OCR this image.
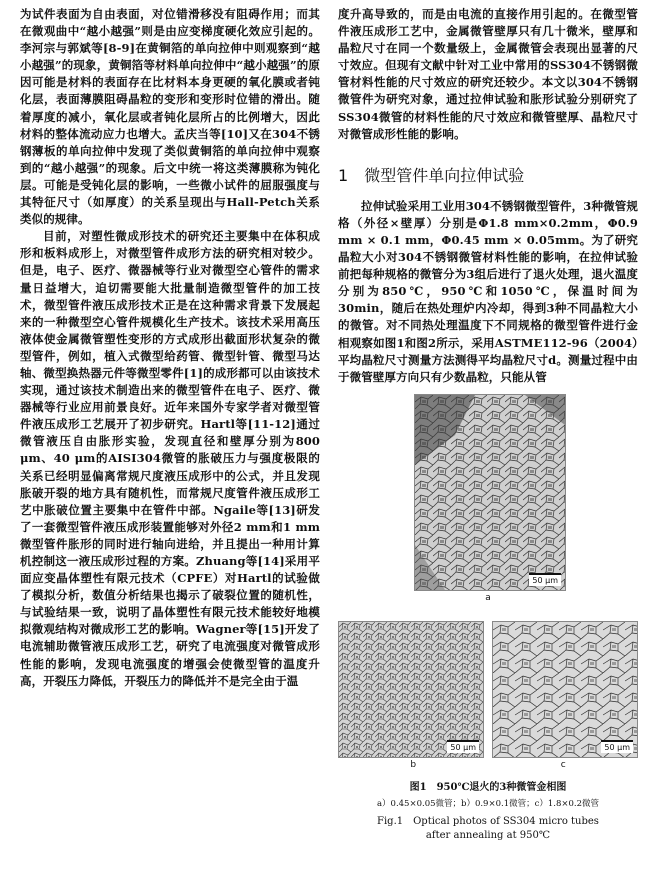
为试件表面为自由表面，对位错滑移没有阻碍作用；而其在微观曲中“越小越强”则是由应变梯度硬化效应引起的。李河宗与郭斌等[8-9]在黄铜箔的单向拉伸中则观察到“越小越强”的现象，黄铜箔等材料单向拉伸中“越小越强”的原因可能是材料的表面存在比材料本身更硬的氧化膜或者钝化层，表面薄膜阻碍晶粒的变形和变形时位错的滑出。随着厚度的减小，氧化层或者钝化层所占的比例增大，因此材料的整体流动应力也增大。孟庆当等[10]又在304不锈钢薄板的单向拉伸中发现了类似黄铜箔的单向拉伸中观察到的“越小越强”的现象。后文中统一将这类薄膜称为钝化层。可能是受钝化层的影响，一些微小试件的屈服强度与其特征尺寸（如厚度）的关系呈现出与Hall-Petch关系类似的规律。

目前，对塑性微成形技术的研究还主要集中在体积成形和板料成形上，对微型管件成形方法的研究相对较少。但是，电子、医疗、微器械等行业对微型空心管件的需求量日益增大，迫切需要能大批量制造微型管件的加工技术，微型管件液压成形技术正是在这种需求背景下发展起来的一种微型空心管件规模化生产技术。该技术采用高压液体使金属微管塑性变形的方式成形出截面形状复杂的微型管件，例如，植入式微型给药管、微型针管、微型马达轴、微型换热器元件等微型零件[1]的成形都可以由该技术实现，通过该技术制造出来的微型管件在电子、医疗、微器械等行业应用前景良好。近年来国外专家学者对微型管件液压成形工艺展开了初步研究。Hartl等[11-12]通过微管液压自由胀形实验，发现直径和壁厚分别为800 μm、40 μm的AISI304微管的胀破压力与强度极限的关系已经明显偏离常规尺度液压成形中的公式，并且发现胀破开裂的地方具有随机性，而常规尺度管件液压成形工艺中胀破位置主要集中在管件中部。Ngaile等[13]研发了一套微型管件液压成形装置能够对外径2 mm和1 mm微型管件胀形的同时进行轴向进给，并且提出一种用计算机控制这一液压成形过程的方案。Zhuang等[14]采用平面应变晶体塑性有限元技术（CPFE）对Hartl的试验做了模拟分析，数值分析结果也揭示了破裂位置的随机性，与试验结果一致，说明了晶体塑性有限元技术能较好地模拟微观结构对微成形工艺的影响。Wagner等[15]开发了电流辅助微管液压成形工艺，研究了电流强度对微管成形性能的影响，发现电流强度的增强会使微型管的温度升高，开裂压力降低，开裂压力的降低并不是完全由于温

度升高导致的，而是由电流的直接作用引起的。在微型管件液压成形工艺中，金属微管壁厚只有几十微米，壁厚和晶粒尺寸在同一个数量级上，金属微管会表现出显著的尺寸效应。但现有文献中针对工业中常用的SS304不锈钢微管材料性能的尺寸效应的研究还较少。本文以304不锈钢微管件为研究对象，通过拉伸试验和胀形试验分别研究了SS304微管的材料性能的尺寸效应和微管壁厚、晶粒尺寸对微管成形性能的影响。

1 微型管件单向拉伸试验

拉伸试验采用工业用304不锈钢微型管件，3种微管规格（外径×壁厚）分别是Φ1.8 mm×0.2mm，Φ0.9 mm × 0.1 mm，Φ0.45 mm × 0.05mm。为了研究晶粒大小对304不锈钢微管材料性能的影响，在拉伸试验前把每种规格的微管分为3组后进行了退火处理，退火温度分别为850℃，950℃和1050℃，保温时间为30min，随后在热处理炉内冷却，得到3种不同晶粒大小的微管。对不同热处理温度下不同规格的微型管件进行金相观察如图1和图2所示，采用ASTME112-96（2004）平均晶粒尺寸测量方法测得平均晶粒尺寸d。测量过程中由于微管壁厚方向只有少数晶粒，只能从管

50 μm
a
50 μm	50 μm
b	c
图1　950℃退火的3种微管金相图
a）0.45×0.05微管；b）0.9×0.1微管；c）1.8×0.2微管
Fig.1　Optical photos of SS304 micro tubes
after annealing at 950℃
